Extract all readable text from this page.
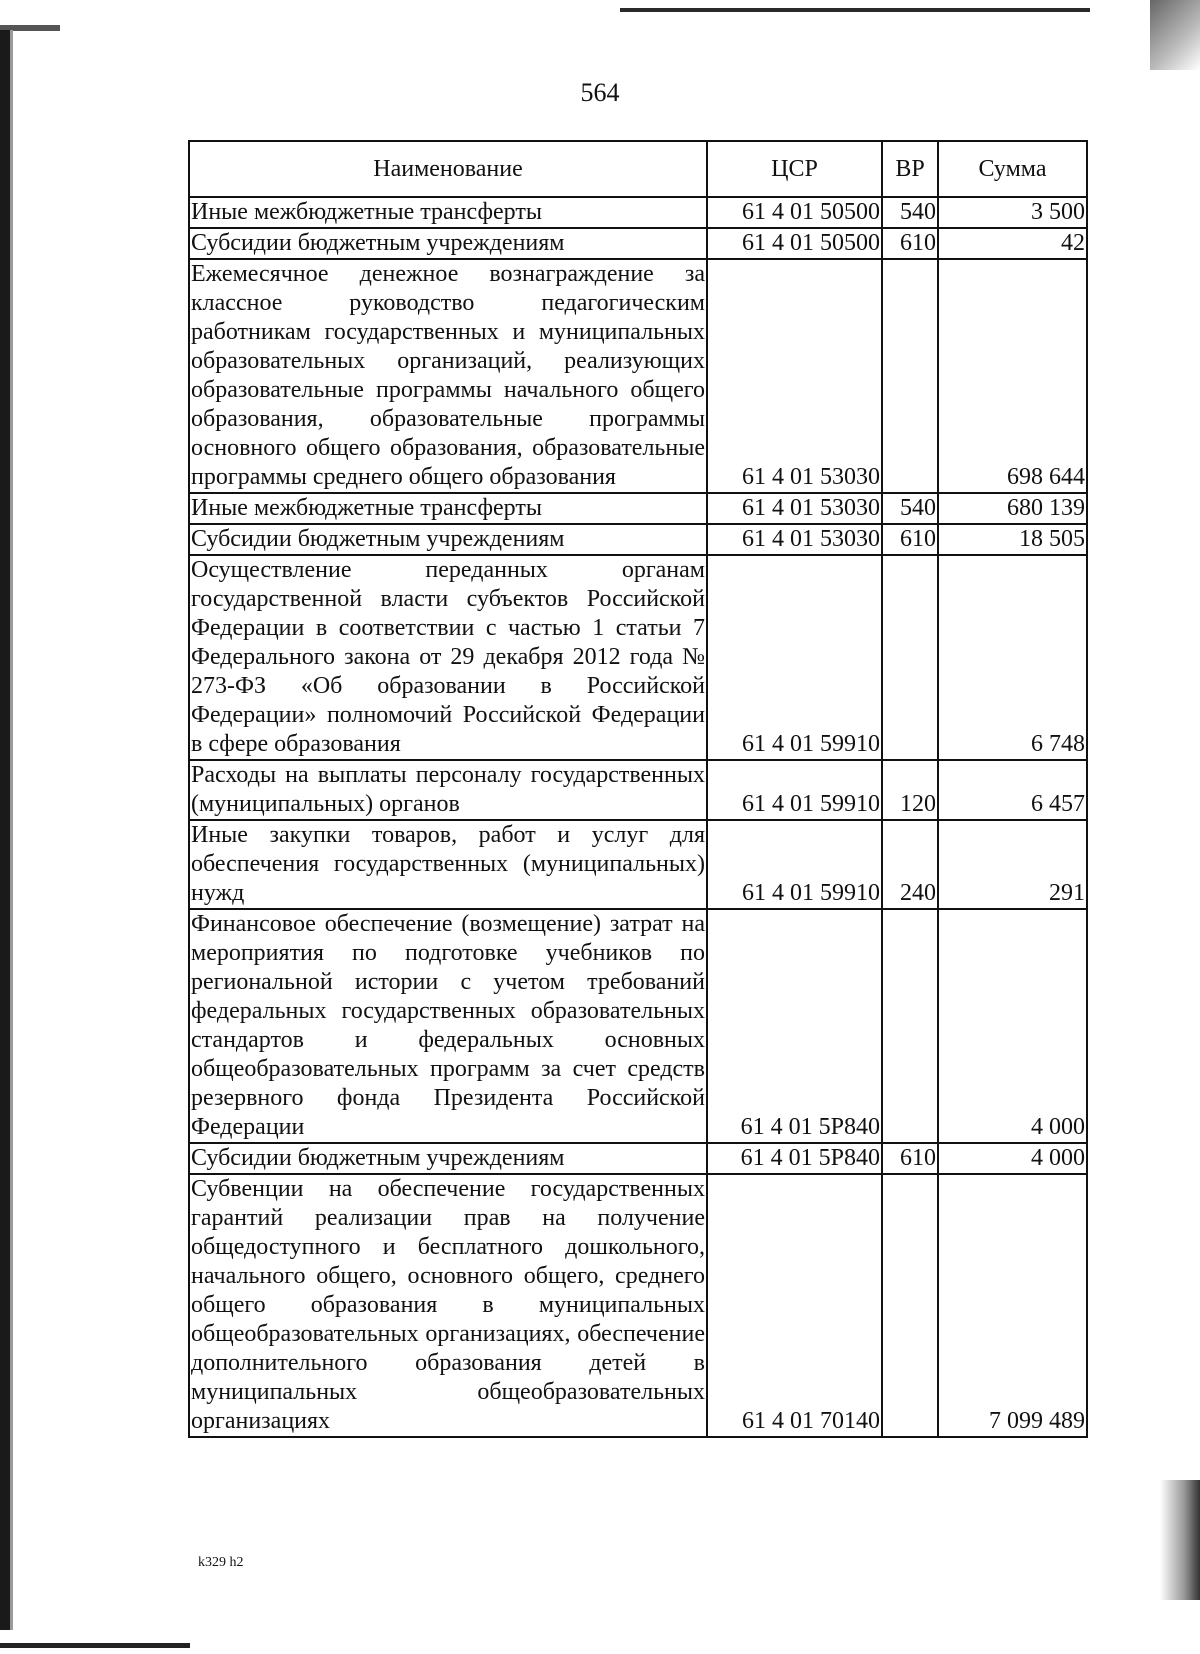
564
Наименование	ЦСР	ВР	Сумма
Иные межбюджетные трансферты	61 4 01 50500	540	3 500
Субсидии бюджетным учреждениям	61 4 01 50500	610	42
Ежемесячное денежное вознаграждение за классное руководство педагогическим работникам государственных и муниципальных образовательных организаций, реализующих образовательные программы начального общего образования, образовательные программы основного общего образования, образовательные программы среднего общего образования	61 4 01 53030		698 644
Иные межбюджетные трансферты	61 4 01 53030	540	680 139
Субсидии бюджетным учреждениям	61 4 01 53030	610	18 505
Осуществление переданных органам государственной власти субъектов Российской Федерации в соответствии с частью 1 статьи 7 Федерального закона от 29 декабря 2012 года № 273-ФЗ «Об образовании в Российской Федерации» полномочий Российской Федерации в сфере образования	61 4 01 59910		6 748
Расходы на выплаты персоналу государственных (муниципальных) органов	61 4 01 59910	120	6 457
Иные закупки товаров, работ и услуг для обеспечения государственных (муниципальных) нужд	61 4 01 59910	240	291
Финансовое обеспечение (возмещение) затрат на мероприятия по подготовке учебников по региональной истории с учетом требований федеральных государственных образовательных стандартов и федеральных основных общеобразовательных программ за счет средств резервного фонда Президента Российской Федерации	61 4 01 5Р840		4 000
Субсидии бюджетным учреждениям	61 4 01 5Р840	610	4 000
Субвенции на обеспечение государственных гарантий реализации прав на получение общедоступного и бесплатного дошкольного, начального общего, основного общего, среднего общего образования в муниципальных общеобразовательных организациях, обеспечение дополнительного образования детей в муниципальных общеобразовательных организациях	61 4 01 70140		7 099 489
k329 h2
